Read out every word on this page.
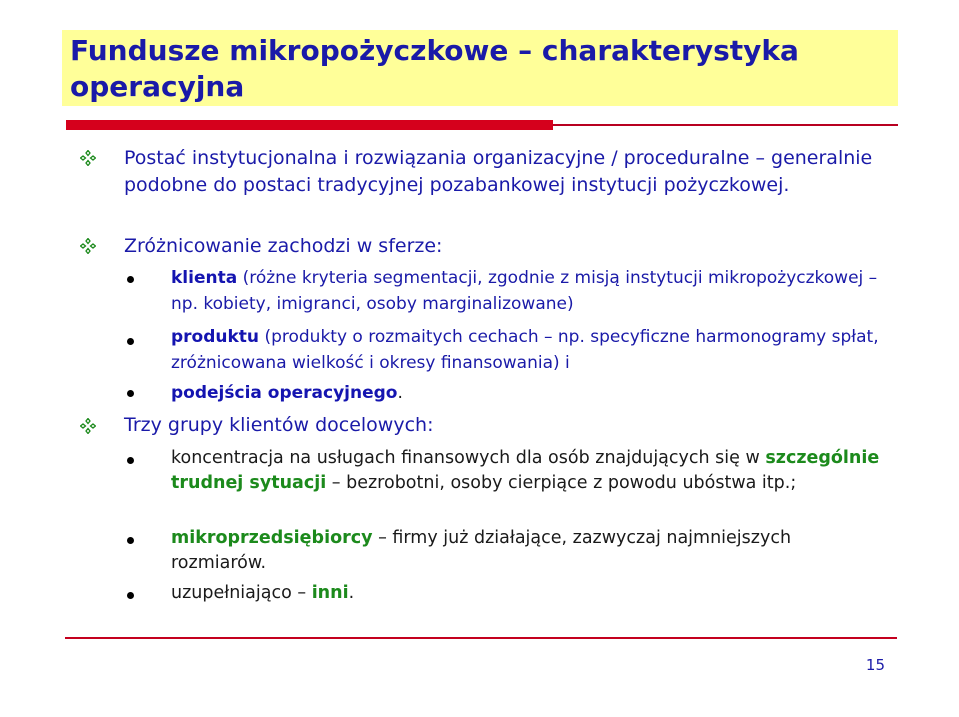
Fundusze mikropożyczkowe – charakterystyka operacyjna
Postać instytucjonalna i rozwiązania organizacyjne / proceduralne – generalnie podobne do postaci tradycyjnej pozabankowej instytucji pożyczkowej.
Zróżnicowanie zachodzi w sferze:
klienta (różne kryteria segmentacji, zgodnie z misją instytucji mikropożyczkowej – np. kobiety, imigranci, osoby marginalizowane)
produktu (produkty o rozmaitych cechach – np. specyficzne harmonogramy spłat, zróżnicowana wielkość i okresy finansowania) i
podejścia operacyjnego.
Trzy grupy klientów docelowych:
koncentracja na usługach finansowych dla osób znajdujących się w szczególnie trudnej sytuacji – bezrobotni, osoby cierpiące z powodu ubóstwa itp.;
mikroprzedsiębiorcy – firmy już działające, zazwyczaj najmniejszych rozmiarów.
uzupełniająco – inni.
15
